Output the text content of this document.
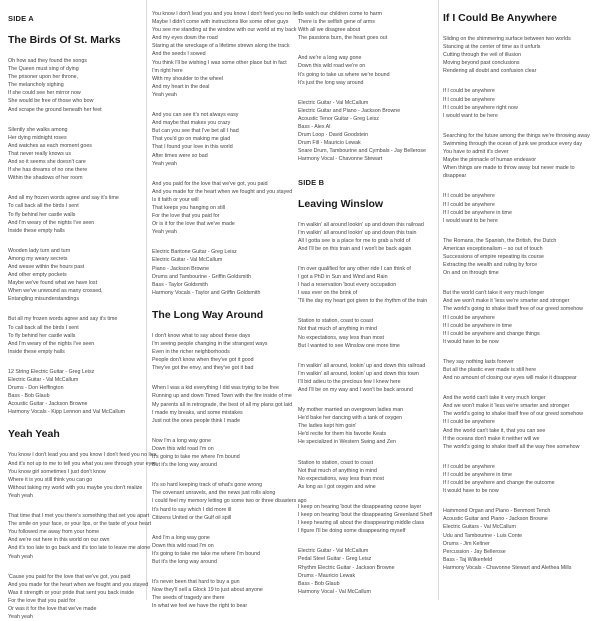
SIDE A
The Birds Of St. Marks
Oh how sad they found the songs
The Queen must sing of dying
The prisoner upon her throne,
The melancholy sighing
If she could see her mirror now
She would be free of those who bow
And scrape the ground beneath her feet
Silently she walks among
Her dying midnight roses
And watches as each moment goes
That never really knows us
And so it seems she doesn't care
If she has dreams of no one there
Within the shadows of her room
And all my frozen words agree and say it's time
To call back all the birds I sent
To fly behind her castle walls
And I'm weary of the nights I've seen
Inside these empty halls
Wooden lady turn and turn
Among my weary secrets
And weave within the hours past
And other empty pockets
Maybe we've found what we have lost
When we've unwound as many crossed,
Entangling misunderstandings
But all my frozen words agree and say it's time
To call back all the birds I sent
To fly behind her castle walls
And I'm weary of the nights I've seen
Inside these empty halls
12 String Electric Guitar - Greg Leisz
Electric Guitar - Val McCallum
Drums - Don Heffington
Bass - Bob Glaub
Acoustic Guitar - Jackson Browne
Harmony Vocals - Kipp Lennon and Val McCallum
Yeah Yeah
You know I don't lead you and you know I don't feed you no lies
And it's not up to me to tell you what you see through your eyes
You know girl sometimes I just don't know
Where it is you still think you can go
Without taking my world with you maybe you don't realize
Yeah yeah
That time that I met you there's something that set you apart
The smile on your face, or your lips, or the taste of your heart
You followed me away from your home
And we're out here in this world on our own
And it's too late to go back and it's too late to leave me alone
Yeah yeah
'Cause you paid for the love that we've got, you paid
And you made for the heart when we fought and you stayed
Was it strength or your pride that sent you back inside
For the love that you paid for
Or was it for the love that we've made
Yeah yeah
You know I don't lead you and you know I don't feed you no lies
Maybe I didn't come with instructions like some other guys
You see me standing at the window with our world at my back
And my eyes down the road
Staring at the wreckage of a lifetime strewn along the track
And the seeds I sowed
You think I'll be wishing I was some other place but in fact
I'm right here
With my shoulder to the wheel
And my heart in the deal
Yeah yeah
And you can see it's not always easy
And maybe that makes you crazy
But can you see that I've bet all I had
That you'd go on making me glad
That I found your love in this world
After times were so bad
Yeah yeah
And you paid for the love that we've got, you paid
And you made for the heart when we fought and you stayed
Is it faith or your will
That keeps you hanging on still
For the love that you paid for
Or is it for the love that we've made
Yeah yeah
Electric Baritone Guitar - Greg Leisz
Electric Guitar - Val McCallum
Piano - Jackson Browne
Drums and Tambourine - Griffin Goldsmith
Bass - Taylor Goldsmith
Harmony Vocals - Taylor and Griffin Goldsmith
The Long Way Around
I don't know what to say about these days
I'm seeing people changing in the strangest ways
Even in the richer neighborhoods
People don't know when they've got it good
They've got the envy, and they've got it bad
When I was a kid everything I did was trying to be free
Running up and down Timed Town with the fire inside of me
My parents all in retrograde, the best of all my plans got laid
I made my breaks, and some mistakes
Just not the ones people think I made
Now I'm a long way gone
Down this wild road I'm on
It's going to take me where I'm bound
But it's the long way around
It's so hard keeping track of what's gone wrong
The covenant unravels, and the news just rolls along
I could feel my memory letting go some two or three disasters ago
It's hard to say which I did more ill
Citizens United or the Gulf oil spill
And I'm a long way gone
Down this wild road I'm on
It's going to take me take me where I'm bound
But it's the long way around
It's never been that hard to buy a gun
Now they'll sell a Glock 19 to just about anyone
The seeds of tragedy are there
In what we feel we have the right to bear
To watch our children come to harm
There is the selfish gene of arms
With all we disagree about
The passions burn, the heart goes out
And we're a long way gone
Down this wild road we're on
It's going to take us where we're bound
It's just the long way around
Electric Guitar - Val McCallum
Electric Guitar and Piano - Jackson Browne
Acoustic Tenor Guitar - Greg Leisz
Bass - Alex Al
Drum Loop - David Goodstein
Drum Fill - Mauricio Lewak
Snare Drum, Tambourine and Cymbals - Jay Bellerose
Harmony Vocal - Chavonne Stewart
SIDE B
Leaving Winslow
I'm walkin' all around lookin' up and down this railroad
I'm walkin' all around lookin' up and down this train
All I gotta see is a place for me to grab a hold of
And I'll be on this train and I won't be back again
I'm over qualified for any other ride I can think of
I got a PhD in Sun and Wind and Rain
I had a reservation 'bout every occupation
I was ever on the brink of
'Til the day my heart got given to the rhythm of the train
Station to station, coast to coast
Not that much of anything in mind
No expectations, way less than most
But I wanted to see Winslow one more time
I'm walkin' all around, lookin' up and down this railroad
I'm walkin' all around, lookin' up and down this town
I'll bid adieu to the precious few I knew here
And I'll be on my way and I won't be back around
My mother married an overgrown ladies man
He'd bake her dancing with a tank of oxygen
The ladies kept him goin'
He'd recite for them his favorite Keats
He specialized in Western Swing and Zen
Station to station, coast to coast
Not that much of anything in mind
No expectations, way less than most
As long as I got oxygen and wine
I keep on hearing 'bout the disappearing ozone layer
I keep on hearing 'bout the disappearing Greenland Shelf
I keep hearing all about the disappearing middle class
I figure I'll be doing some disappearing myself
Electric Guitar - Val McCallum
Pedal Steel Guitar - Greg Leisz
Rhythm Electric Guitar - Jackson Browne
Drums - Mauricio Lewak
Bass - Bob Glaub
Harmony Vocal - Val McCallum
If I Could Be Anywhere
Sliding on the shimmering surface between two worlds
Stancing at the center of time as it unfurls
Cutting through the veil of illusion
Moving beyond past conclusions
Rendering all doubt and confusion clear
If I could be anywhere
If I could be anywhere
If I could be anywhere right now
I would want to be here
Searching for the future among the things we're throwing away
Swimming through the ocean of junk we produce every day
You have to admit it's clever
Maybe the pinnacle of human endeavor
When things are made to throw away but never made to
disappear
If I could be anywhere
If I could be anywhere
If I could be anywhere in time
I would want to be here
The Romans, the Spanish, the British, the Dutch
American exceptionalism – so out of touch
Successions of empire repeating its course
Extracting the wealth and ruling by force
On and on through time
But the world can't take it very much longer
And we won't make it 'less we're smarter and stronger
The world's going to shake itself free of our greed somehow
If I could be anywhere
If I could be anywhere in time
If I could be anywhere and change things
It would have to be now
They say nothing lasts forever
But all the plastic ever made is still here
And no amount of closing our eyes will make it disappear
And the world can't take it very much longer
And we won't make it 'less we're smarter and stronger
The world's going to shake itself free of our greed somehow
If I could be anywhere
And the world can't take it, that you can see
If the oceans don't make it neither will we
The world's going to shake itself all the way free somehow
If I could be anywhere
If I could be anywhere in time
If I could be anywhere and change the outcome
It would have to be now
Hammond Organ and Piano - Benmont Tench
Acoustic Guitar and Piano - Jackson Browne
Electric Guitars - Val McCallum
Udu and Tambourine - Luis Conte
Drums - Jim Keltner
Percussion - Jay Bellerose
Bass - Taj Wilkenfeld
Harmony Vocals - Chavonne Stewart and Alethea Mills
